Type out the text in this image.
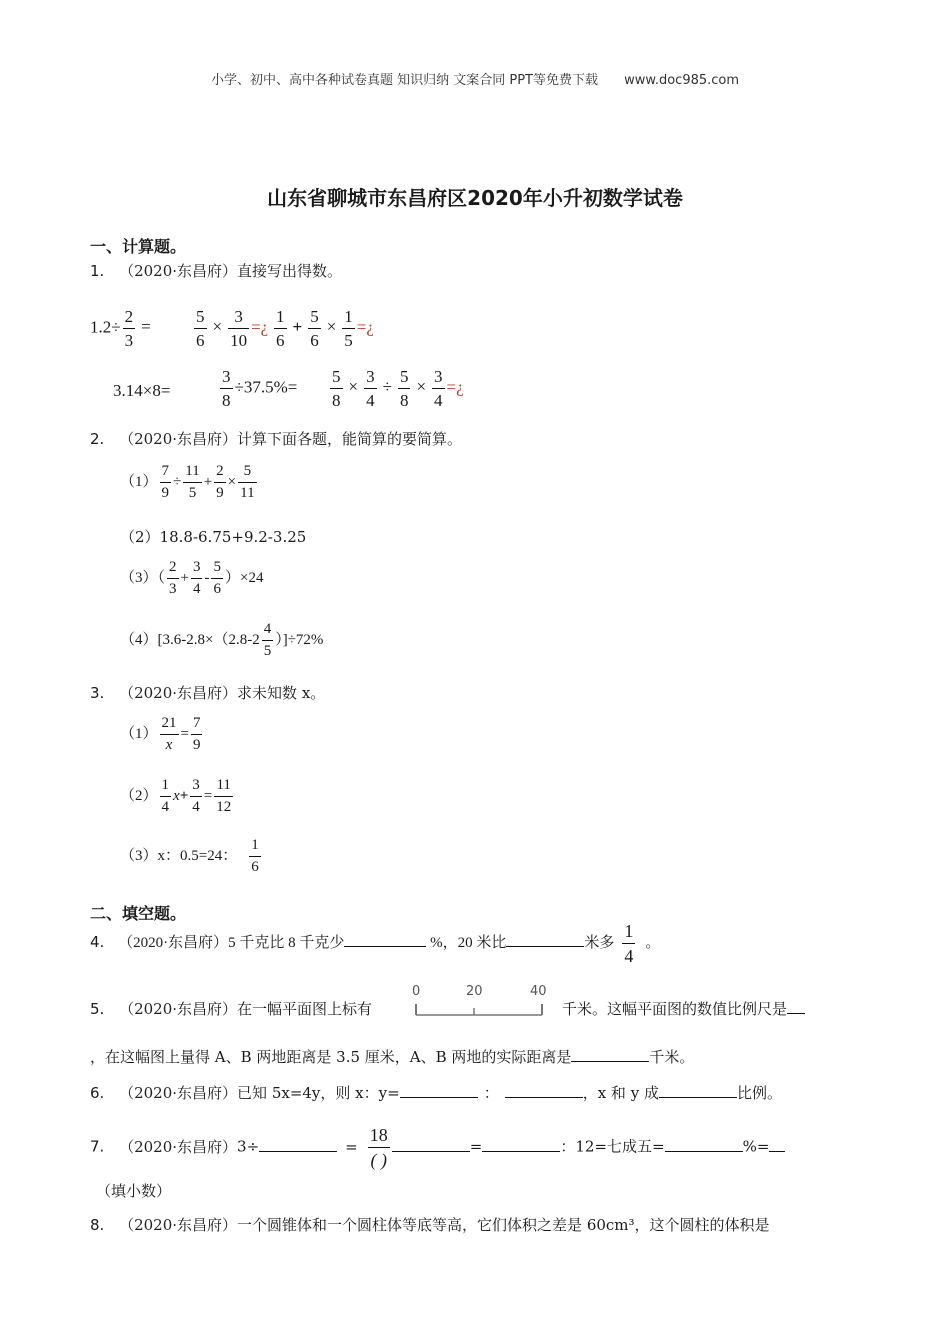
小学、初中、高中各种试卷真题 知识归纳 文案合同 PPT等免费下载 www.doc985.com
山东省聊城市东昌府区2020年小升初数学试卷
一、计算题。
1. （2020·东昌府）直接写出得数。
$1.2\div \frac{2}{3}$ =	$\frac{5}{6} \times \frac{3}{10}$ =¿ $\frac{1}{6} + \frac{5}{6} \times \frac{1}{5}$ =¿
3.14×8=	$\frac{3}{8} \div 37.5\%= \frac{5}{8} \times \frac{3}{4} \div \frac{5}{8} \times \frac{3}{4}$ =¿
2. （2020·东昌府）计算下面各题，能简算的要简算。
$(1) \frac{7}{9} \div \frac{11}{5} + \frac{2}{9} \times \frac{5}{11}$
（2）18.8-6.75+9.2-3.25
$(3)( \frac{2}{3} + \frac{3}{4} - \frac{5}{6} )\times 24$
$(4)[3.6-2.8\times(2.8-2 \frac{4}{5} )]\div 72\%$
3. （2020·东昌府）求未知数 x。
$(1) \frac{21}{x} = \frac{7}{9}$
$(2) \frac{1}{4} x+ \frac{3}{4} = \frac{11}{12}$
（3）x：0.5=24： $\frac{1}{6}$
二、填空题。
4. （2020·东昌府）5 千克比 8 千克少	%，20 米比	米多 $\frac{1}{4}$ 。
5. （2020·东昌府）在一幅平面图上标有
0	20	40
千米。这幅平面图的数值比例尺是
，在这幅图上量得 A、B 两地距离是 3.5 厘米，A、B 两地的实际距离是	千米。
6. （2020·东昌府）已知 5x=4y，则 x：y=	：	，x 和 y 成	比例。
7. （2020·东昌府）3÷	= $\frac{18}{( )}$	=	：12=七成五=	%=
（填小数）
8. （2020·东昌府）一个圆锥体和一个圆柱体等底等高，它们体积之差是 60cm³，这个圆柱的体积是
